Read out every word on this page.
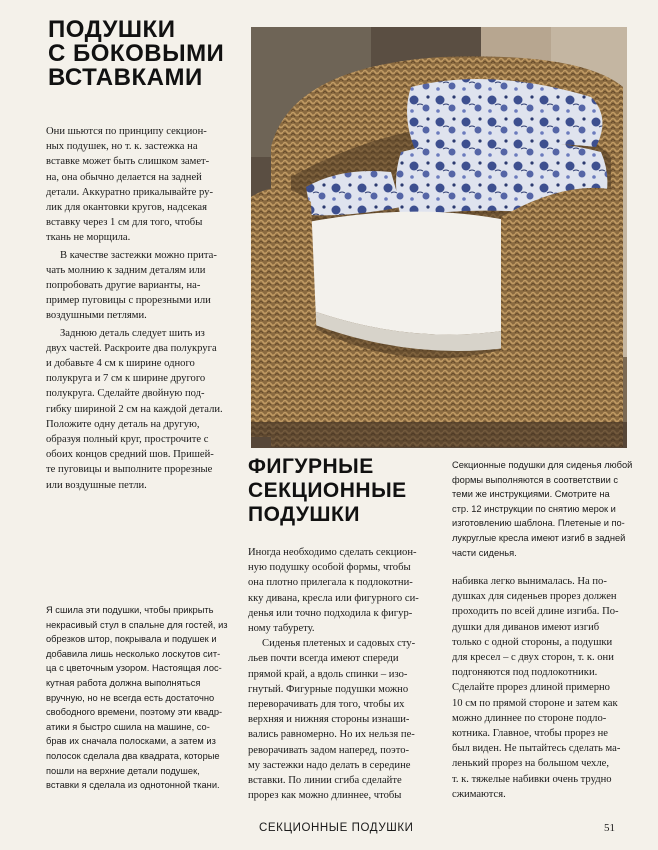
ПОДУШКИ
С БОКОВЫМИ
ВСТАВКАМИ

Они шьются по принципу секцион-
ных подушек, но т. к. застежка на
вставке может быть слишком замет-
на, она обычно делается на задней
детали. Аккуратно прикалывайте ру-
лик для окантовки кругов, надсекая
вставку через 1 см для того, чтобы
ткань не морщила.

В качестве застежки можно прита-
чать молнию к задним деталям или
попробовать другие варианты, на-
пример пуговицы с прорезными или
воздушными петлями.

Заднюю деталь следует шить из
двух частей. Раскроите два полукруга
и добавьте 4 см к ширине одного
полукруга и 7 см к ширине другого
полукруга. Сделайте двойную под-
гибку шириной 2 см на каждой детали.
Положите одну деталь на другую,
образуя полный круг, прострочите с
обоих концов средний шов. Пришей-
те пуговицы и выполните прорезные
или воздушные петли.

Я сшила эти подушки, чтобы прикрыть
некрасивый стул в спальне для гостей, из
обрезков штор, покрывала и подушек и
добавила лишь несколько лоскутов сит-
ца с цветочным узором. Настоящая лос-
кутная работа должна выполняться
вручную, но не всегда есть достаточно
свободного времени, поэтому эти квадр-
атики я быстро сшила на машине, со-
брав их сначала полосками, а затем из
полосок сделала два квадрата, которые
пошли на верхние детали подушек,
вставки я сделала из однотонной ткани.
ФИГУРНЫЕ
СЕКЦИОННЫЕ
ПОДУШКИ
Секционные подушки для сиденья любой
формы выполняются в соответствии с
теми же инструкциями. Смотрите на
стр. 12 инструкции по снятию мерок и
изготовлению шаблона. Плетеные и по-
лукруглые кресла имеют изгиб в задней
части сиденья.

Иногда необходимо сделать секцион-
ную подушку особой формы, чтобы
она плотно прилегала к подлокотни-
кку дивана, кресла или фигурного си-
денья или точно подходила к фигур-
ному табурету.

Сиденья плетеных и садовых сту-
льев почти всегда имеют спереди
прямой край, а вдоль спинки – изо-
гнутый. Фигурные подушки можно
переворачивать для того, чтобы их
верхняя и нижняя стороны изнаши-
вались равномерно. Но их нельзя пе-
реворачивать задом наперед, поэто-
му застежки надо делать в середине
вставки. По линии сгиба сделайте
прорез как можно длиннее, чтобы

набивка легко вынималась. На по-
душках для сиденьев прорез должен
проходить по всей длине изгиба. По-
душки для диванов имеют изгиб
только с одной стороны, а подушки
для кресел – с двух сторон, т. к. они
подгоняются под подлокотники.
Сделайте прорез длиной примерно
10 см по прямой стороне и затем как
можно длиннее по стороне подло-
котника. Главное, чтобы прорез не
был виден. Не пытайтесь сделать ма-
ленький прорез на большом чехле,
т. к. тяжелые набивки очень трудно
сжимаются.
СЕКЦИОННЫЕ ПОДУШКИ	51
